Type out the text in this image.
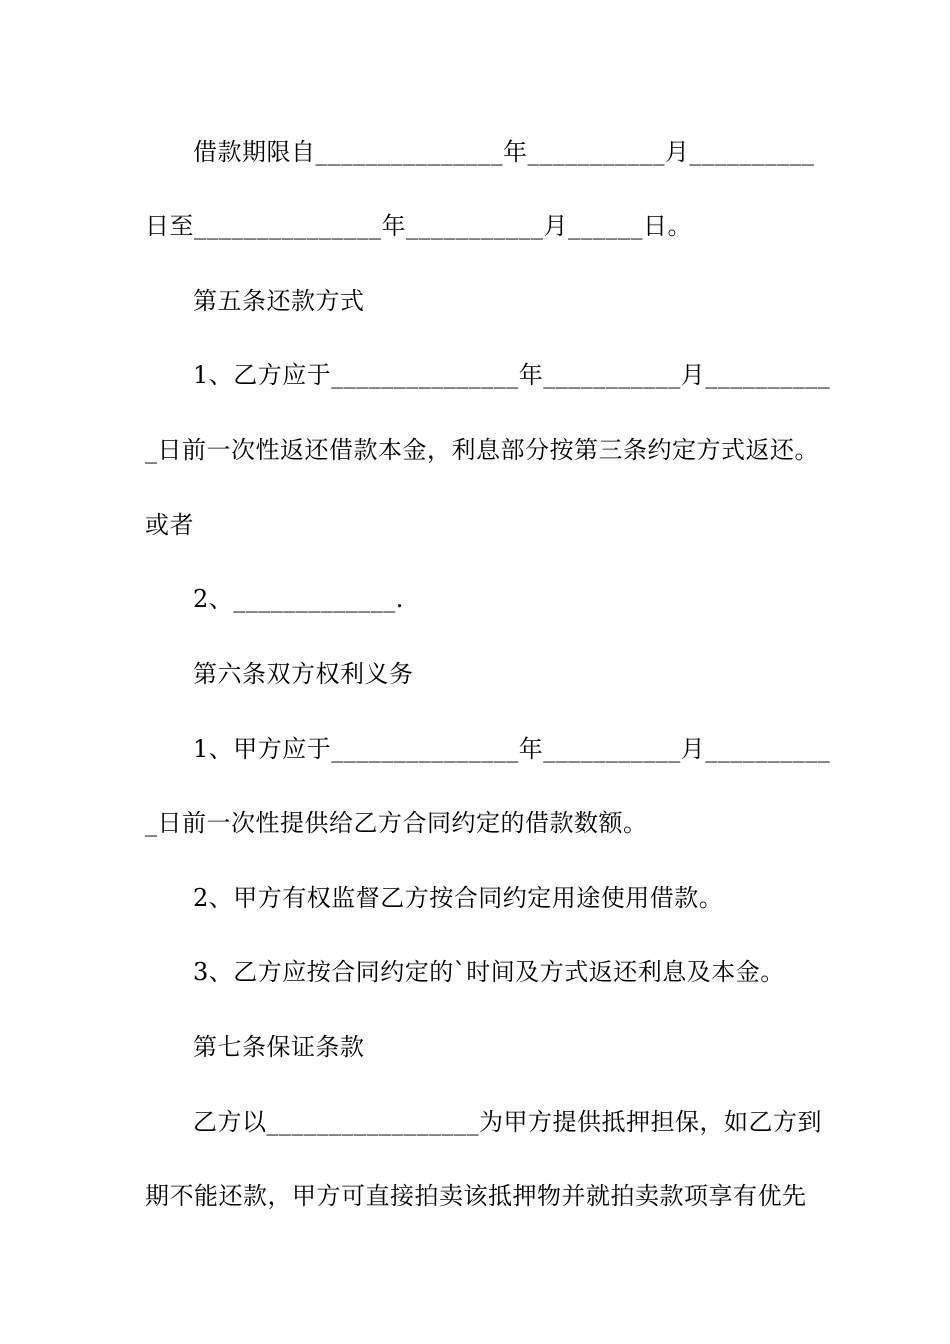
借款期限自_______________年___________月__________
日至_______________年___________月______日。
第五条还款方式
1、乙方应于_______________年___________月__________
_日前一次性返还借款本金，利息部分按第三条约定方式返还。
或者
2、_____________.
第六条双方权利义务
1、甲方应于_______________年___________月__________
_日前一次性提供给乙方合同约定的借款数额。
2、甲方有权监督乙方按合同约定用途使用借款。
3、乙方应按合同约定的`时间及方式返还利息及本金。
第七条保证条款
乙方以_________________为甲方提供抵押担保，如乙方到
期不能还款，甲方可直接拍卖该抵押物并就拍卖款项享有优先
